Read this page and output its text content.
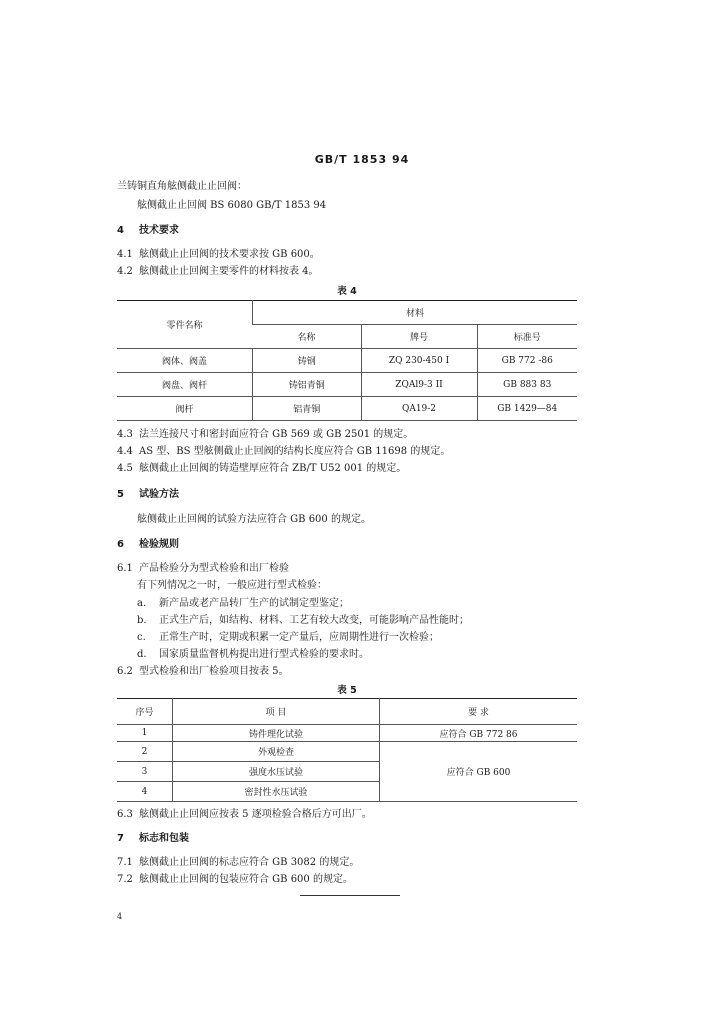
GB/T 1853 94
兰铸铜直角舷侧截止止回阀：
舷侧截止止回阀 BS 6080 GB/T 1853 94
4 技术要求
4.1 舷侧截止止回阀的技术要求按 GB 600。
4.2 舷侧截止止回阀主要零件的材料按表 4。
表 4
零件名称	材料		
	名称	牌号	标准号
阀体、阀盖	铸钢	ZQ 230-450 I	GB 772 -86
阀盘、阀杆	铸铝青铜	ZQAl9-3 II	GB 883 83
阀杆	铝青铜	QA19-2	GB 1429—84
4.3 法兰连接尺寸和密封面应符合 GB 569 或 GB 2501 的规定。
4.4 AS 型、BS 型舷侧截止止回阀的结构长度应符合 GB 11698 的规定。
4.5 舷侧截止止回阀的铸造壁厚应符合 ZB/T U52 001 的规定。
5 试验方法
舷侧截止止回阀的试验方法应符合 GB 600 的规定。
6 检验规则
6.1 产品检验分为型式检验和出厂检验
有下列情况之一时，一般应进行型式检验：
a. 新产品或老产品转厂生产的试制定型鉴定；
b. 正式生产后，如结构、材料、工艺有较大改变，可能影响产品性能时；
c. 正常生产时，定期或积累一定产量后，应周期性进行一次检验；
d. 国家质量监督机构提出进行型式检验的要求时。
6.2 型式检验和出厂检验项目按表 5。
表 5
序号	项 目	要 求
1	铸件理化试验	应符合 GB 772 86
2	外观检查	应符合 GB 600
3	强度水压试验	
4	密封性水压试验	
6.3 舷侧截止止回阀应按表 5 逐项检验合格后方可出厂。
7 标志和包装
7.1 舷侧截止止回阀的标志应符合 GB 3082 的规定。
7.2 舷侧截止止回阀的包装应符合 GB 600 的规定。
4
